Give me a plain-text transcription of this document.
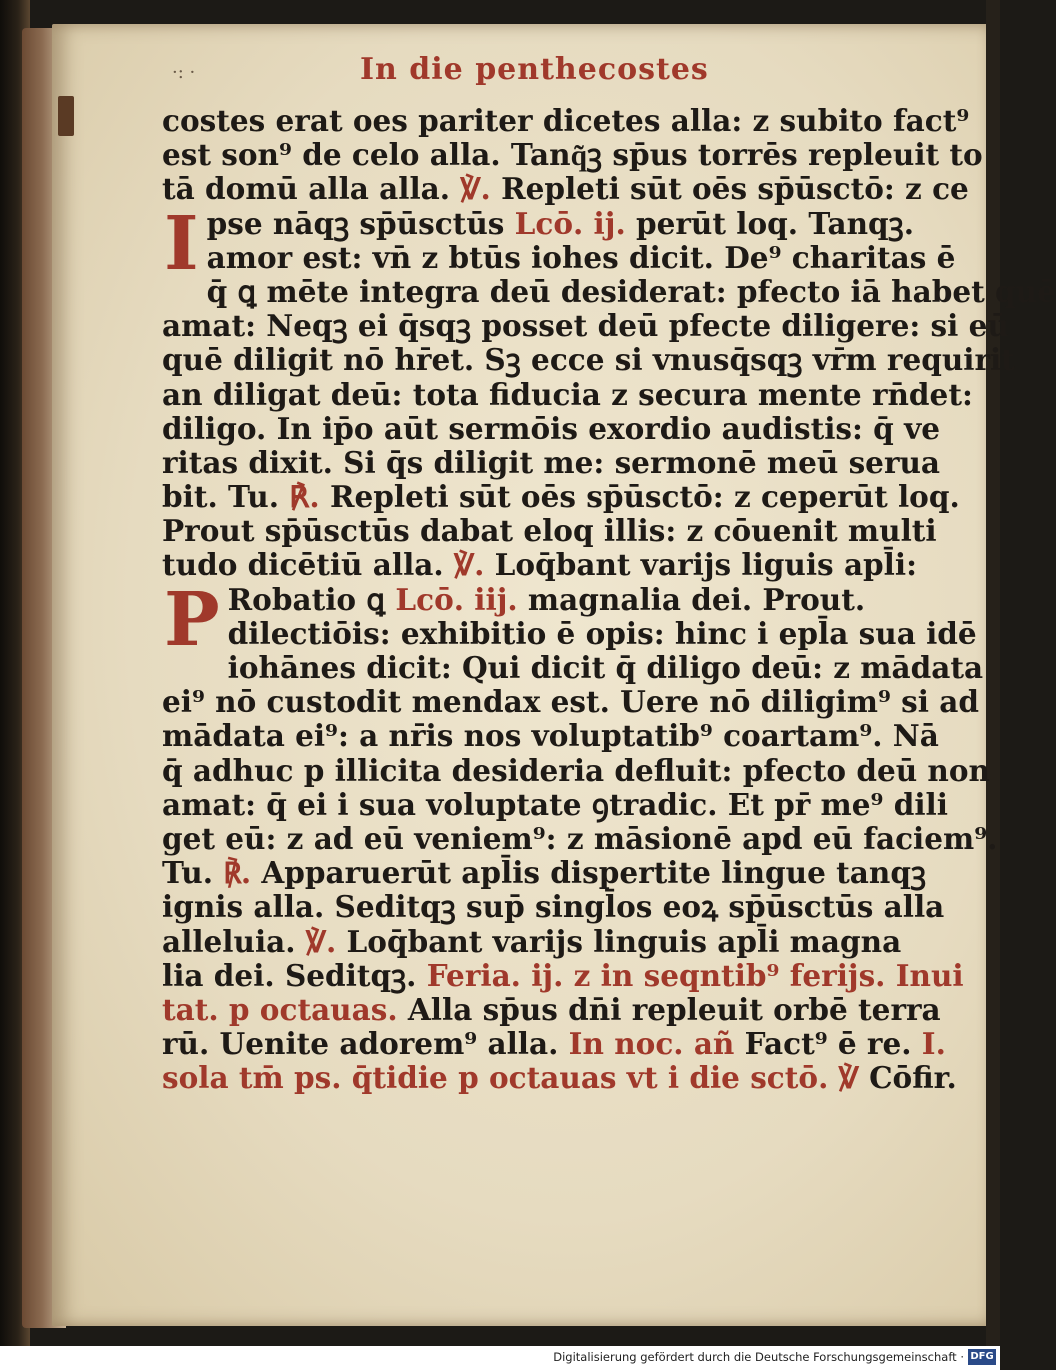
·: ·	In die penthecostes
costes erat oes pariter dicetes alla: z subito fact⁹
est son⁹ de celo alla. Tanq͂ꝫ sp̄us torrēs repleuit to
tā domū alla alla. ℣. Repleti sūt oēs sp̄ūsctō: z ce
I pse nāqꝫ sp̄ūsctūs Lcō. ij. perūt loq. Tanqꝫ.
amor est: vn̄ z btūs iohes dicit. De⁹ charitas ē
q̄ ꝗ mēte integra deū desiderat: pfecto iā habet quē
amat: Neqꝫ ei q̄sqꝫ posset deū pfecte diligere: si eū
quē diligit nō hr̄et. Sꝫ ecce si vnusq̄sqꝫ vr̄m requirit
an diligat deū: tota fiducia z secura mente rn̄det:
diligo. In ip̄o aūt sermōis exordio audistis: q̄ ve
ritas dixit. Si q̄s diligit me: sermonē meū serua
bit. Tu. ℟. Repleti sūt oēs sp̄ūsctō: z ceperūt loq.
Prout sp̄ūsctūs dabat eloq illis: z cōuenit multi
tudo dicētiū alla. ℣. Loq̄bant varijs liguis apl̄i:
P Robatio ꝗ Lcō. iij. magnalia dei. Prout.
dilectiōis: exhibitio ē opis: hinc i epl̄a sua idē
iohānes dicit: Qui dicit q̄ diligo deū: z mādata
ei⁹ nō custodit mendax est. Uere nō diligim⁹ si ad
mādata ei⁹: a nr̄is nos voluptatib⁹ coartam⁹. Nā
q̄ adhuc p illicita desideria defluit: pfecto deū non
amat: q̄ ei i sua voluptate ꝯtradic. Et pr̄ me⁹ dili
get eū: z ad eū veniem⁹: z māsionē apd eū faciem⁹.
Tu. ℟. Apparuerūt apl̄is dispertite lingue tanqꝫ
ignis alla. Seditqꝫ sup̄ singl̄os eoꝝ sp̄ūsctūs alla
alleluia. ℣. Loq̄bant varijs linguis apl̄i magna
lia dei. Seditqꝫ. Feria. ij. z in seqntib⁹ ferijs. Inui
tat. p octauas. Alla sp̄us dn̄i repleuit orbē terra
rū. Uenite adorem⁹ alla. In noc. añ Fact⁹ ē re. I.
sola tm̄ ps. q̄tidie p octauas vt i die sctō. ℣ Cōfir.
Digitalisierung gefördert durch die Deutsche Forschungsgemeinschaft · DFG
